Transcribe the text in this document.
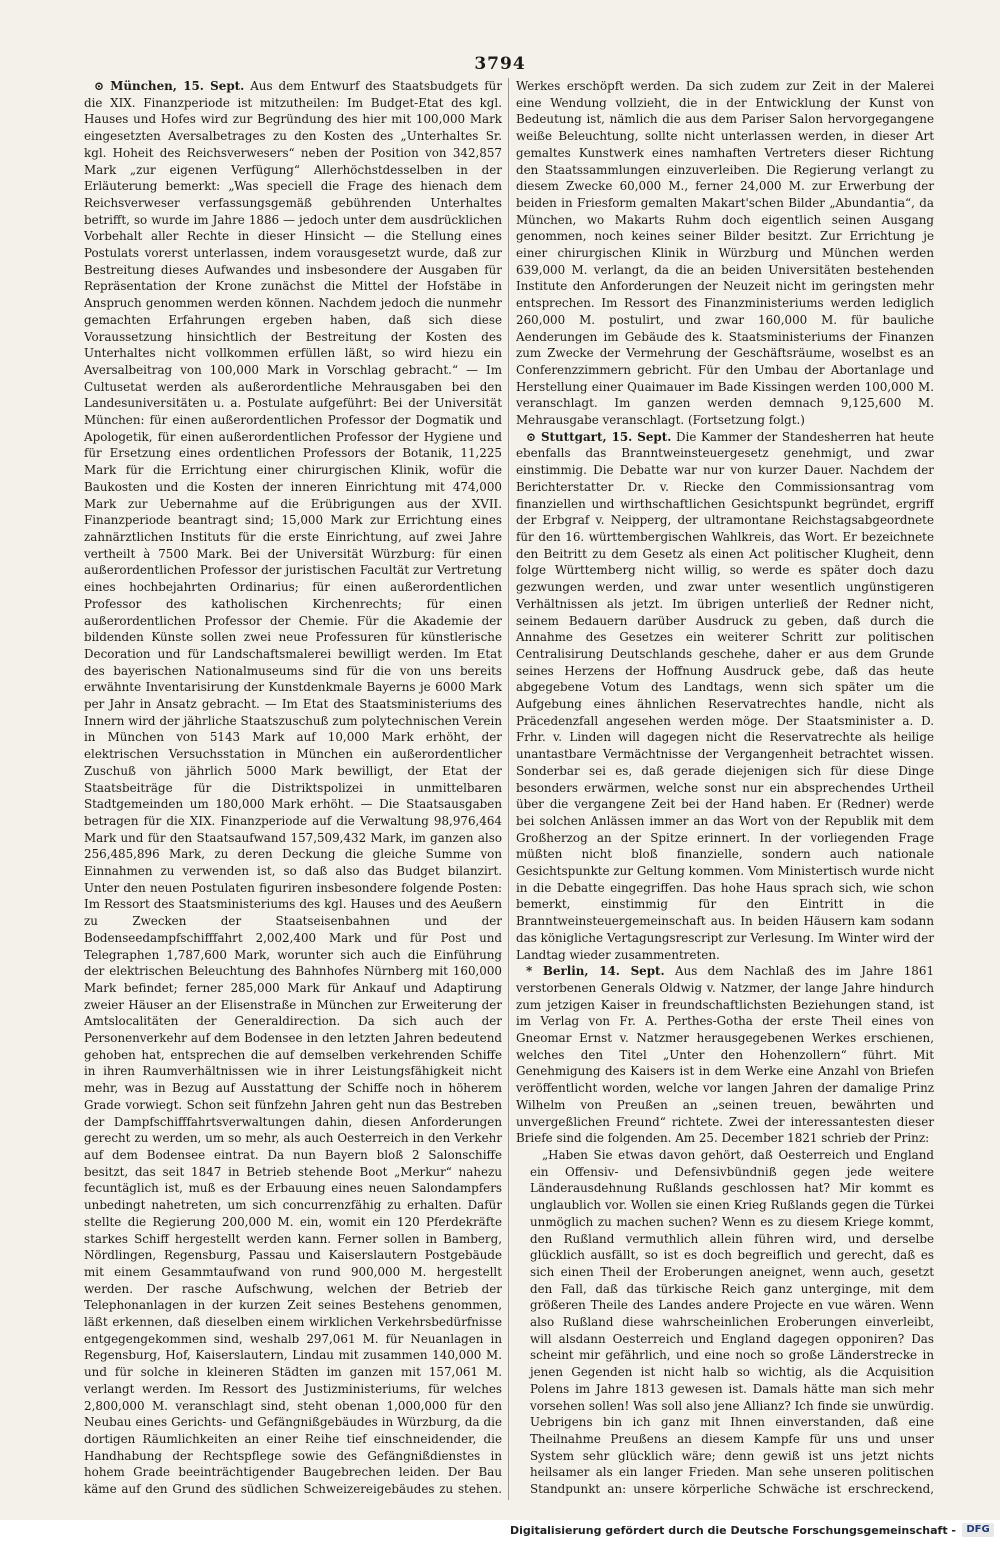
3794

⊙ München, 15. Sept. Aus dem Entwurf des Staatsbudgets für die XIX. Finanzperiode ist mitzutheilen: Im Budget-Etat des kgl. Hauses und Hofes wird zur Begründung des hier mit 100,000 Mark eingesetzten Aversalbetrages zu den Kosten des „Unterhaltes Sr. kgl. Hoheit des Reichsverwesers“ neben der Position von 342,857 Mark „zur eigenen Verfügung“ Allerhöchstdesselben in der Erläuterung bemerkt: „Was speciell die Frage des hienach dem Reichsverweser verfassungsgemäß gebührenden Unterhaltes betrifft, so wurde im Jahre 1886 — jedoch unter dem ausdrücklichen Vorbehalt aller Rechte in dieser Hinsicht — die Stellung eines Postulats vorerst unterlassen, indem vorausgesetzt wurde, daß zur Bestreitung dieses Aufwandes und insbesondere der Ausgaben für Repräsentation der Krone zunächst die Mittel der Hofstäbe in Anspruch genommen werden können. Nachdem jedoch die nunmehr gemachten Erfahrungen ergeben haben, daß sich diese Voraussetzung hinsichtlich der Bestreitung der Kosten des Unterhaltes nicht vollkommen erfüllen läßt, so wird hiezu ein Aversalbeitrag von 100,000 Mark in Vorschlag gebracht.“ — Im Cultusetat werden als außerordentliche Mehrausgaben bei den Landesuniversitäten u. a. Postulate aufgeführt: Bei der Universität München: für einen außerordentlichen Professor der Dogmatik und Apologetik, für einen außerordentlichen Professor der Hygiene und für Ersetzung eines ordentlichen Professors der Botanik, 11,225 Mark für die Errichtung einer chirurgischen Klinik, wofür die Baukosten und die Kosten der inneren Einrichtung mit 474,000 Mark zur Uebernahme auf die Erübrigungen aus der XVII. Finanzperiode beantragt sind; 15,000 Mark zur Errichtung eines zahnärztlichen Instituts für die erste Einrichtung, auf zwei Jahre vertheilt à 7500 Mark. Bei der Universität Würzburg: für einen außerordentlichen Professor der juristischen Facultät zur Vertretung eines hochbejahrten Ordinarius; für einen außerordentlichen Professor des katholischen Kirchenrechts; für einen außerordentlichen Professor der Chemie. Für die Akademie der bildenden Künste sollen zwei neue Professuren für künstlerische Decoration und für Landschaftsmalerei bewilligt werden. Im Etat des bayerischen Nationalmuseums sind für die von uns bereits erwähnte Inventarisirung der Kunstdenkmale Bayerns je 6000 Mark per Jahr in Ansatz gebracht. — Im Etat des Staatsministeriums des Innern wird der jährliche Staatszuschuß zum polytechnischen Verein in München von 5143 Mark auf 10,000 Mark erhöht, der elektrischen Versuchsstation in München ein außerordentlicher Zuschuß von jährlich 5000 Mark bewilligt, der Etat der Staatsbeiträge für die Distriktspolizei in unmittelbaren Stadtgemeinden um 180,000 Mark erhöht. — Die Staatsausgaben betragen für die XIX. Finanzperiode auf die Verwaltung 98,976,464 Mark und für den Staatsaufwand 157,509,432 Mark, im ganzen also 256,485,896 Mark, zu deren Deckung die gleiche Summe von Einnahmen zu verwenden ist, so daß also das Budget bilanzirt. Unter den neuen Postulaten figuriren insbesondere folgende Posten: Im Ressort des Staatsministeriums des kgl. Hauses und des Aeußern zu Zwecken der Staatseisenbahnen und der Bodenseedampfschifffahrt 2,002,400 Mark und für Post und Telegraphen 1,787,600 Mark, worunter sich auch die Einführung der elektrischen Beleuchtung des Bahnhofes Nürnberg mit 160,000 Mark befindet; ferner 285,000 Mark für Ankauf und Adaptirung zweier Häuser an der Elisenstraße in München zur Erweiterung der Amtslocalitäten der Generaldirection. Da sich auch der Personenverkehr auf dem Bodensee in den letzten Jahren bedeutend gehoben hat, entsprechen die auf demselben verkehrenden Schiffe in ihren Raumverhältnissen wie in ihrer Leistungsfähigkeit nicht mehr, was in Bezug auf Ausstattung der Schiffe noch in höherem Grade vorwiegt. Schon seit fünfzehn Jahren geht nun das Bestreben der Dampfschifffahrtsverwaltungen dahin, diesen Anforderungen gerecht zu werden, um so mehr, als auch Oesterreich in den Verkehr auf dem Bodensee eintrat. Da nun Bayern bloß 2 Salonschiffe besitzt, das seit 1847 in Betrieb stehende Boot „Merkur“ nahezu fecuntäglich ist, muß es der Erbauung eines neuen Salondampfers unbedingt nahetreten, um sich concurrenzfähig zu erhalten. Dafür stellte die Regierung 200,000 M. ein, womit ein 120 Pferdekräfte starkes Schiff hergestellt werden kann. Ferner sollen in Bamberg, Nördlingen, Regensburg, Passau und Kaiserslautern Postgebäude mit einem Gesammtaufwand von rund 900,000 M. hergestellt werden. Der rasche Aufschwung, welchen der Betrieb der Telephonanlagen in der kurzen Zeit seines Bestehens genommen, läßt erkennen, daß dieselben einem wirklichen Verkehrsbedürfnisse entgegengekommen sind, weshalb 297,061 M. für Neuanlagen in Regensburg, Hof, Kaiserslautern, Lindau mit zusammen 140,000 M. und für solche in kleineren Städten im ganzen mit 157,061 M. verlangt werden. Im Ressort des Justizministeriums, für welches 2,800,000 M. veranschlagt sind, steht obenan 1,000,000 für den Neubau eines Gerichts- und Gefängnißgebäudes in Würzburg, da die dortigen Räumlichkeiten an einer Reihe tief einschneidender, die Handhabung der Rechtspflege sowie des Gefängnißdienstes in hohem Grade beeinträchtigender Baugebrechen leiden. Der Bau käme auf den Grund des südlichen Schweizereigebäudes zu stehen.

Werkes erschöpft werden. Da sich zudem zur Zeit in der Malerei eine Wendung vollzieht, die in der Entwicklung der Kunst von Bedeutung ist, nämlich die aus dem Pariser Salon hervorgegangene weiße Beleuchtung, sollte nicht unterlassen werden, in dieser Art gemaltes Kunstwerk eines namhaften Vertreters dieser Richtung den Staatssammlungen einzuverleiben. Die Regierung verlangt zu diesem Zwecke 60,000 M., ferner 24,000 M. zur Erwerbung der beiden in Friesform gemalten Makart'schen Bilder „Abundantia“, da München, wo Makarts Ruhm doch eigentlich seinen Ausgang genommen, noch keines seiner Bilder besitzt. Zur Errichtung je einer chirurgischen Klinik in Würzburg und München werden 639,000 M. verlangt, da die an beiden Universitäten bestehenden Institute den Anforderungen der Neuzeit nicht im geringsten mehr entsprechen. Im Ressort des Finanzministeriums werden lediglich 260,000 M. postulirt, und zwar 160,000 M. für bauliche Aenderungen im Gebäude des k. Staatsministeriums der Finanzen zum Zwecke der Vermehrung der Geschäftsräume, woselbst es an Conferenzzimmern gebricht. Für den Umbau der Abortanlage und Herstellung einer Quaimauer im Bade Kissingen werden 100,000 M. veranschlagt. Im ganzen werden demnach 9,125,600 M. Mehrausgabe veranschlagt. (Fortsetzung folgt.)

⊙ Stuttgart, 15. Sept. Die Kammer der Standesherren hat heute ebenfalls das Branntweinsteuergesetz genehmigt, und zwar einstimmig. Die Debatte war nur von kurzer Dauer. Nachdem der Berichterstatter Dr. v. Riecke den Commissionsantrag vom finanziellen und wirthschaftlichen Gesichtspunkt begründet, ergriff der Erbgraf v. Neipperg, der ultramontane Reichstagsabgeordnete für den 16. württembergischen Wahlkreis, das Wort. Er bezeichnete den Beitritt zu dem Gesetz als einen Act politischer Klugheit, denn folge Württemberg nicht willig, so werde es später doch dazu gezwungen werden, und zwar unter wesentlich ungünstigeren Verhältnissen als jetzt. Im übrigen unterließ der Redner nicht, seinem Bedauern darüber Ausdruck zu geben, daß durch die Annahme des Gesetzes ein weiterer Schritt zur politischen Centralisirung Deutschlands geschehe, daher er aus dem Grunde seines Herzens der Hoffnung Ausdruck gebe, daß das heute abgegebene Votum des Landtags, wenn sich später um die Aufgebung eines ähnlichen Reservatrechtes handle, nicht als Präcedenzfall angesehen werden möge. Der Staatsminister a. D. Frhr. v. Linden will dagegen nicht die Reservatrechte als heilige unantastbare Vermächtnisse der Vergangenheit betrachtet wissen. Sonderbar sei es, daß gerade diejenigen sich für diese Dinge besonders erwärmen, welche sonst nur ein absprechendes Urtheil über die vergangene Zeit bei der Hand haben. Er (Redner) werde bei solchen Anlässen immer an das Wort von der Republik mit dem Großherzog an der Spitze erinnert. In der vorliegenden Frage müßten nicht bloß finanzielle, sondern auch nationale Gesichtspunkte zur Geltung kommen. Vom Ministertisch wurde nicht in die Debatte eingegriffen. Das hohe Haus sprach sich, wie schon bemerkt, einstimmig für den Eintritt in die Branntweinsteuergemeinschaft aus. In beiden Häusern kam sodann das königliche Vertagungsrescript zur Verlesung. Im Winter wird der Landtag wieder zusammentreten.

* Berlin, 14. Sept. Aus dem Nachlaß des im Jahre 1861 verstorbenen Generals Oldwig v. Natzmer, der lange Jahre hindurch zum jetzigen Kaiser in freundschaftlichsten Beziehungen stand, ist im Verlag von Fr. A. Perthes-Gotha der erste Theil eines von Gneomar Ernst v. Natzmer herausgegebenen Werkes erschienen, welches den Titel „Unter den Hohenzollern“ führt. Mit Genehmigung des Kaisers ist in dem Werke eine Anzahl von Briefen veröffentlicht worden, welche vor langen Jahren der damalige Prinz Wilhelm von Preußen an „seinen treuen, bewährten und unvergeßlichen Freund“ richtete. Zwei der interessantesten dieser Briefe sind die folgenden. Am 25. December 1821 schrieb der Prinz:

„Haben Sie etwas davon gehört, daß Oesterreich und England ein Offensiv- und Defensivbündniß gegen jede weitere Länderausdehnung Rußlands geschlossen hat? Mir kommt es unglaublich vor. Wollen sie einen Krieg Rußlands gegen die Türkei unmöglich zu machen suchen? Wenn es zu diesem Kriege kommt, den Rußland vermuthlich allein führen wird, und derselbe glücklich ausfällt, so ist es doch begreiflich und gerecht, daß es sich einen Theil der Eroberungen aneignet, wenn auch, gesetzt den Fall, daß das türkische Reich ganz unterginge, mit dem größeren Theile des Landes andere Projecte en vue wären. Wenn also Rußland diese wahrscheinlichen Eroberungen einverleibt, will alsdann Oesterreich und England dagegen opponiren? Das scheint mir gefährlich, und eine noch so große Länderstrecke in jenen Gegenden ist nicht halb so wichtig, als die Acquisition Polens im Jahre 1813 gewesen ist. Damals hätte man sich mehr vorsehen sollen! Was soll also jene Allianz? Ich finde sie unwürdig. Uebrigens bin ich ganz mit Ihnen einverstanden, daß eine Theilnahme Preußens an diesem Kampfe für uns und unser System sehr glücklich wäre; denn gewiß ist uns jetzt nichts heilsamer als ein langer Frieden. Man sehe unseren politischen Standpunkt an: unsere körperliche Schwäche ist erschreckend,

Digitalisierung gefördert durch die Deutsche Forschungsgemeinschaft -	DFG
